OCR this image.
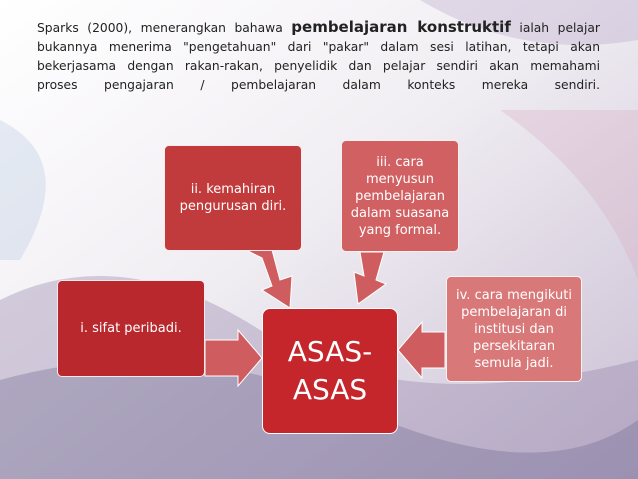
Sparks (2000), menerangkan bahawa pembelajaran konstruktif ialah pelajar
bukannya menerima "pengetahuan" dari "pakar" dalam sesi latihan, tetapi akan
bekerjasama dengan rakan-rakan, penyelidik dan pelajar sendiri akan memahami
proses pengajaran / pembelajaran dalam konteks mereka sendiri.
i. sifat peribadi.
ii. kemahiran pengurusan diri.
iii. cara menyusun pembelajaran dalam suasana yang formal.
iv. cara mengikuti pembelajaran di institusi dan persekitaran semula jadi.
ASAS-ASAS
